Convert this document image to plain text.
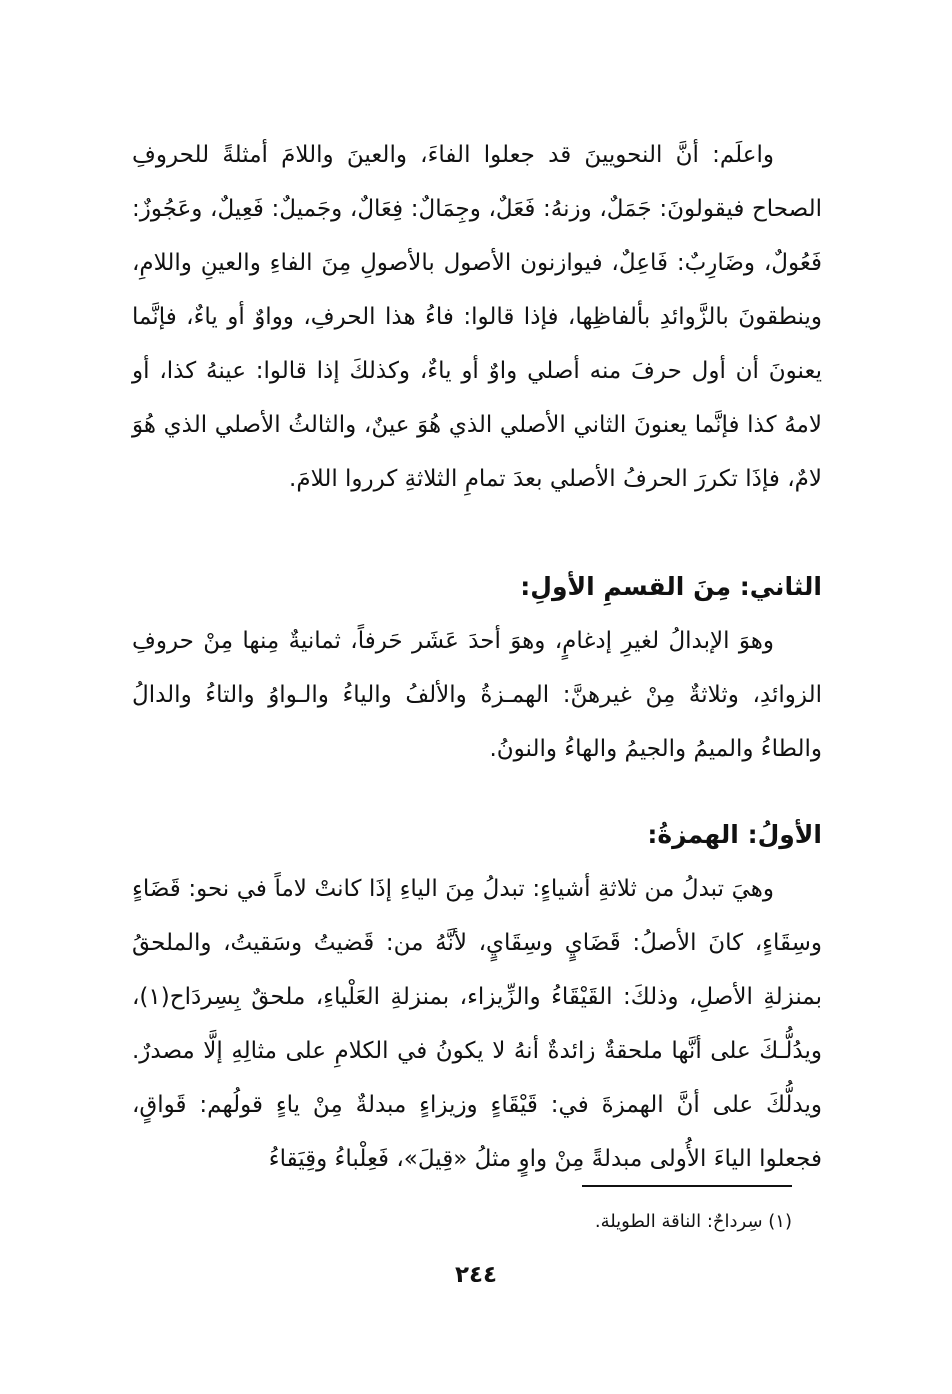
واعلَم: أنَّ النحويينَ قد جعلوا الفاءَ، والعينَ واللامَ أمثلةً للحروفِ الصحاح فيقولونَ: جَمَلٌ، وزنهُ: فَعَلٌ، وجِمَالٌ: فِعَالٌ، وجَميلٌ: فَعِيلٌ، وعَجُوزٌ: فَعُولٌ، وضَارِبٌ: فَاعِلٌ، فيوازنون الأصول بالأصولِ مِنَ الفاءِ والعينِ واللامِ، وينطقونَ بالزَّوائدِ بألفاظِها، فإذا قالوا: فاءُ هذا الحرفِ، وواوٌ أو ياءٌ، فإنَّما يعنونَ أن أول حرفَ منه أصلي واوٌ أو ياءٌ، وكذلكَ إذا قالوا: عينهُ كذا، أو لامهُ كذا فإنَّما يعنونَ الثاني الأصلي الذي هُوَ عينٌ، والثالثُ الأصلي الذي هُوَ لامٌ، فإذَا تكررَ الحرفُ الأصلي بعدَ تمامِ الثلاثةِ كرروا اللامَ.

الثاني: مِنَ القسمِ الأولِ:

وهوَ الإبدالُ لغيرِ إدغامٍ، وهوَ أحدَ عَشَر حَرفاً، ثمانيةٌ مِنها مِنْ حروفِ الزوائدِ، وثلاثةٌ مِنْ غيرهنَّ: الهمـزةُ والألفُ والياءُ والـواوُ والتاءُ والدالُ والطاءُ والميمُ والجيمُ والهاءُ والنونُ.

الأولُ: الهمزةُ:

وهيَ تبدلُ من ثلاثةِ أشياءٍ: تبدلُ مِنَ الياءِ إذَا كانتْ لاماً في نحو: قَضَاءٍ وسِقَاءٍ، كانَ الأصلُ: قَضَايٍ وسِقَايٍ، لأنَّهُ من: قَضيتُ وسَقيتُ، والملحقُ بمنزلةِ الأصلِ، وذلكَ: القَيْقَاءُ والزِّيزاء، بمنزلةِ العَلْياءِ، ملحقٌ بِسِردَاح(١)، ويدُلُّـكَ على أنَّها ملحقةٌ زائدةٌ أنهُ لا يكونُ في الكلامِ على مثالِهِ إلَّا مصدرٌ. ويدلُّكَ على أنَّ الهمزةَ في: قَيْقَاءٍ وزيزاءٍ مبدلةٌ مِنْ ياءٍ قولُهم: قَواقٍ، فجعلوا الياءَ الأُولى مبدلةً مِنْ واوٍ مثلُ «قِيلَ»، فَعِلْباءُ وقِيَقاءُ

(١) سِرداحٌ: الناقة الطويلة.

٢٤٤
